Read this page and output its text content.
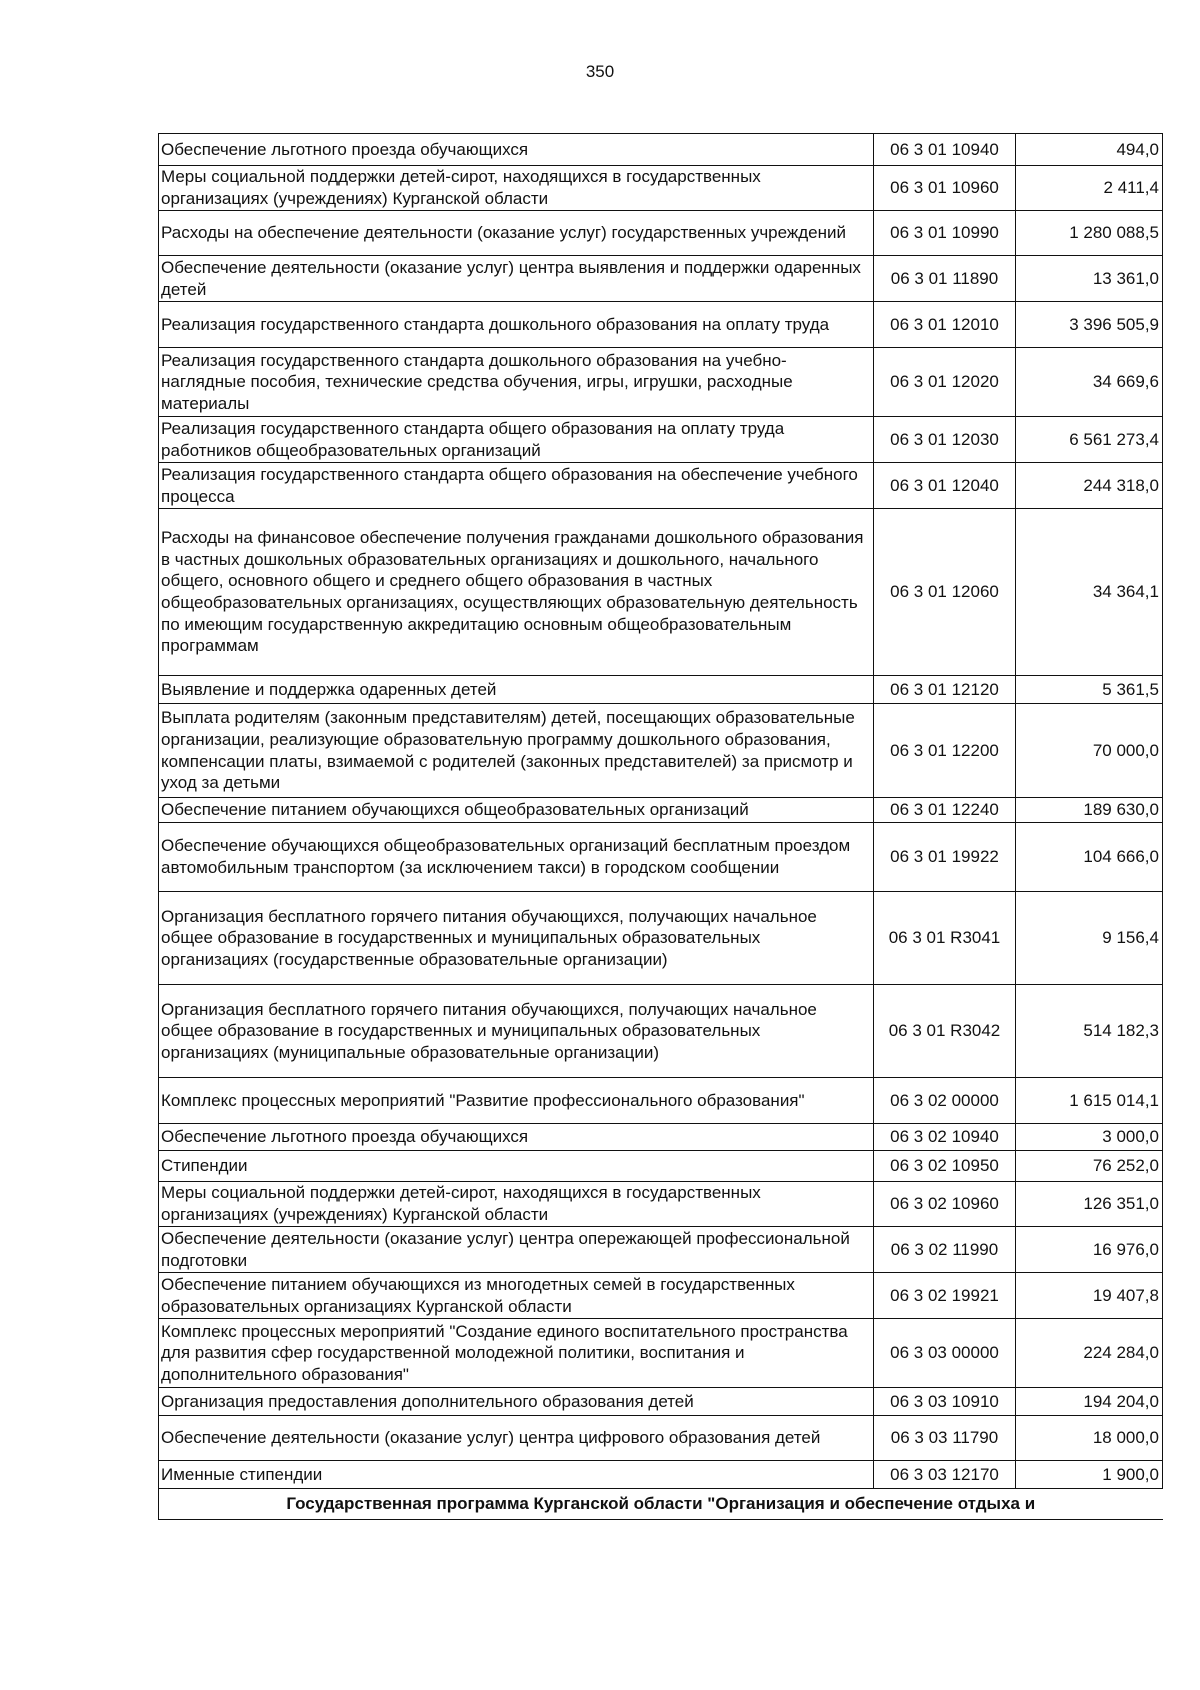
350
Обеспечение льготного проезда обучающихся	06 3 01 10940	494,0
Меры социальной поддержки детей-сирот, находящихся в государственных организациях (учреждениях) Курганской области	06 3 01 10960	2 411,4
Расходы на обеспечение деятельности (оказание услуг) государственных учреждений	06 3 01 10990	1 280 088,5
Обеспечение деятельности (оказание услуг) центра выявления и поддержки одаренных детей	06 3 01 11890	13 361,0
Реализация государственного стандарта дошкольного образования на оплату труда	06 3 01 12010	3 396 505,9
Реализация государственного стандарта дошкольного образования на учебно-наглядные пособия, технические средства обучения, игры, игрушки, расходные материалы	06 3 01 12020	34 669,6
Реализация государственного стандарта общего образования на оплату труда работников общеобразовательных организаций	06 3 01 12030	6 561 273,4
Реализация государственного стандарта общего образования на обеспечение учебного процесса	06 3 01 12040	244 318,0
Расходы на финансовое обеспечение получения гражданами дошкольного образования в частных дошкольных образовательных организациях и дошкольного, начального общего, основного общего и среднего общего образования в частных общеобразовательных организациях, осуществляющих образовательную деятельность по имеющим государственную аккредитацию основным общеобразовательным программам	06 3 01 12060	34 364,1
Выявление и поддержка одаренных детей	06 3 01 12120	5 361,5
Выплата родителям (законным представителям) детей, посещающих образовательные организации, реализующие образовательную программу дошкольного образования, компенсации платы, взимаемой с родителей (законных представителей) за присмотр и уход за детьми	06 3 01 12200	70 000,0
Обеспечение питанием обучающихся общеобразовательных организаций	06 3 01 12240	189 630,0
Обеспечение обучающихся общеобразовательных организаций бесплатным проездом автомобильным транспортом (за исключением такси) в городском сообщении	06 3 01 19922	104 666,0
Организация бесплатного горячего питания обучающихся, получающих начальное общее образование в государственных и муниципальных образовательных организациях (государственные образовательные организации)	06 3 01 R3041	9 156,4
Организация бесплатного горячего питания обучающихся, получающих начальное общее образование в государственных и муниципальных образовательных организациях (муниципальные образовательные организации)	06 3 01 R3042	514 182,3
Комплекс процессных мероприятий "Развитие профессионального образования"	06 3 02 00000	1 615 014,1
Обеспечение льготного проезда обучающихся	06 3 02 10940	3 000,0
Стипендии	06 3 02 10950	76 252,0
Меры социальной поддержки детей-сирот, находящихся в государственных организациях (учреждениях) Курганской области	06 3 02 10960	126 351,0
Обеспечение деятельности (оказание услуг) центра опережающей профессиональной подготовки	06 3 02 11990	16 976,0
Обеспечение питанием обучающихся из многодетных семей в государственных образовательных организациях Курганской области	06 3 02 19921	19 407,8
Комплекс процессных мероприятий "Создание единого воспитательного пространства для развития сфер государственной молодежной политики, воспитания и дополнительного образования"	06 3 03 00000	224 284,0
Организация предоставления дополнительного образования детей	06 3 03 10910	194 204,0
Обеспечение деятельности (оказание услуг) центра цифрового образования детей	06 3 03 11790	18 000,0
Именные стипендии	06 3 03 12170	1 900,0
Государственная программа Курганской области "Организация и обеспечение отдыха и		
